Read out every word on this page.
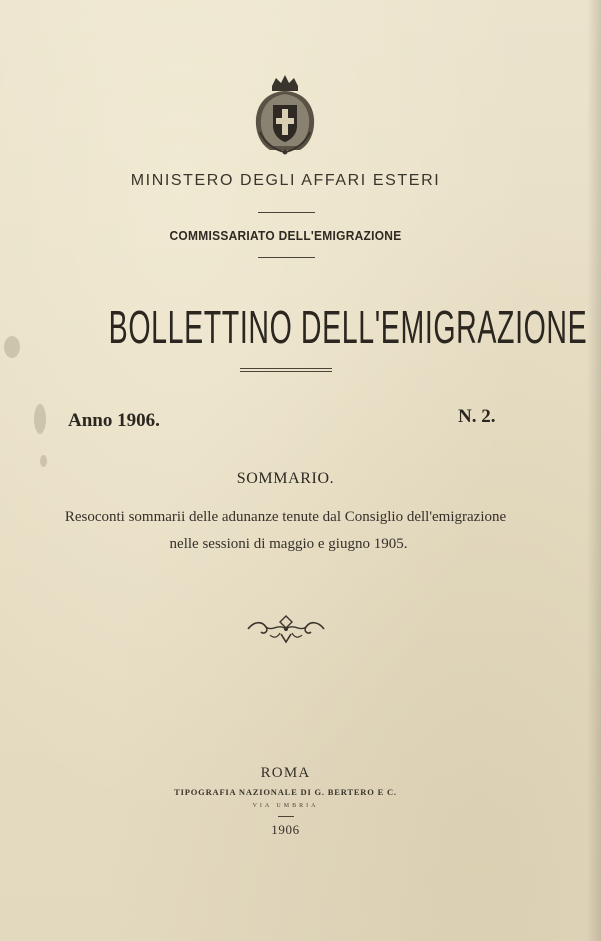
MINISTERO DEGLI AFFARI ESTERI
COMMISSARIATO DELL'EMIGRAZIONE
BOLLETTINO DELL'EMIGRAZIONE
Anno 1906.	N. 2.
SOMMARIO.
Resoconti sommarii delle adunanze tenute dal Consiglio dell'emigrazione
nelle sessioni di maggio e giugno 1905.
ROMA
TIPOGRAFIA NAZIONALE DI G. BERTERO E C.
VIA UMBRIA
1906
